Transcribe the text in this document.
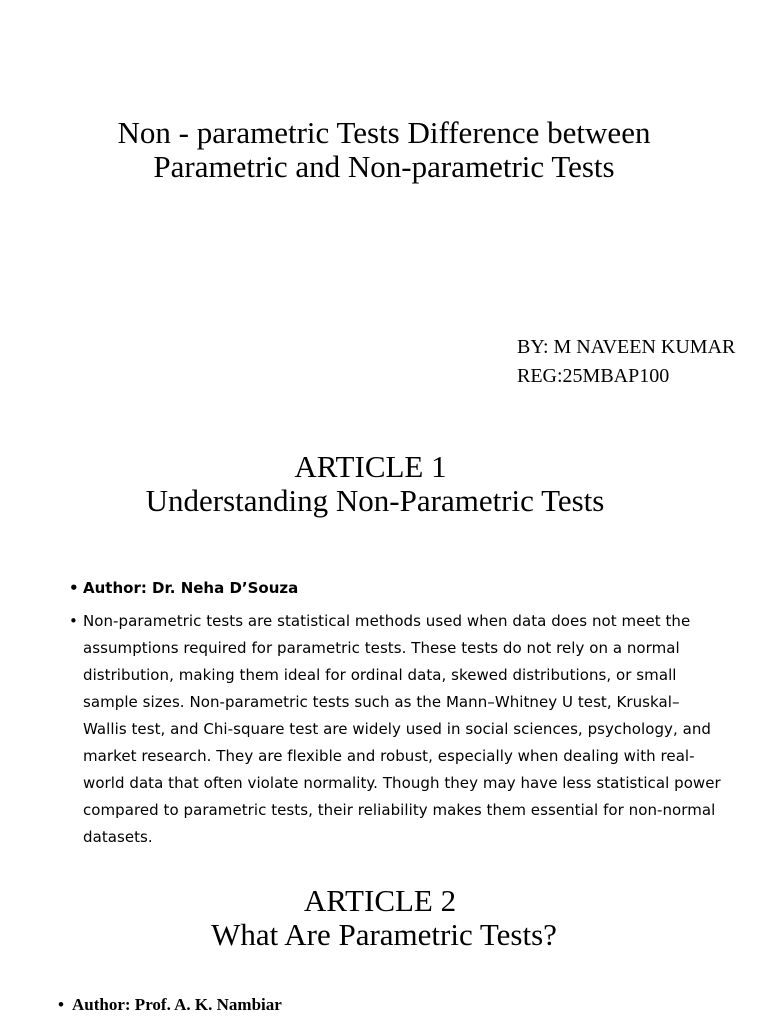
Non - parametric Tests Difference between
Parametric and Non-parametric Tests
BY: M NAVEEN KUMAR
REG:25MBAP100
ARTICLE 1
Understanding Non-Parametric Tests
• Author: Dr. Neha D’Souza
• Non-parametric tests are statistical methods used when data does not meet the assumptions required for parametric tests. These tests do not rely on a normal distribution, making them ideal for ordinal data, skewed distributions, or small sample sizes. Non-parametric tests such as the Mann–Whitney U test, Kruskal–Wallis test, and Chi-square test are widely used in social sciences, psychology, and market research. They are flexible and robust, especially when dealing with real-world data that often violate normality. Though they may have less statistical power compared to parametric tests, their reliability makes them essential for non-normal datasets.
ARTICLE 2
What Are Parametric Tests?
• Author: Prof. A. K. Nambiar
